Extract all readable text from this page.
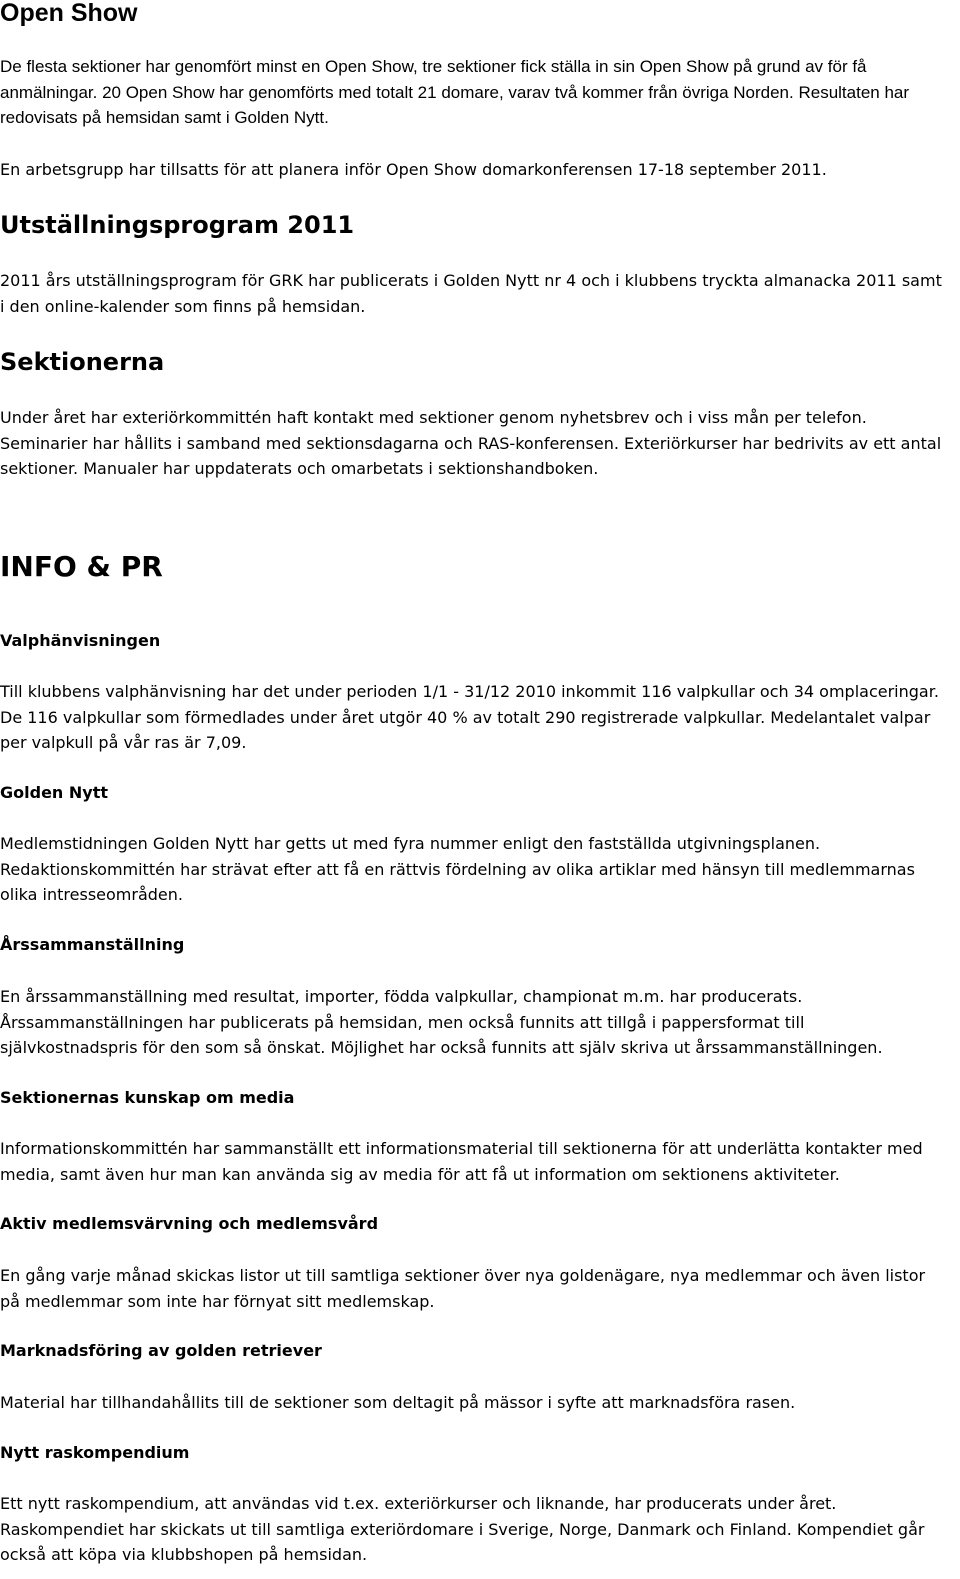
Open Show

De flesta sektioner har genomfört minst en Open Show, tre sektioner fick ställa in sin Open Show på grund av för få anmälningar. 20 Open Show har genomförts med totalt 21 domare, varav två kommer från övriga Norden. Resultaten har redovisats på hemsidan samt i Golden Nytt.

En arbetsgrupp har tillsatts för att planera inför Open Show domarkonferensen 17-18 september 2011.

Utställningsprogram 2011

2011 års utställningsprogram för GRK har publicerats i Golden Nytt nr 4 och i klubbens tryckta almanacka 2011 samt i den online-kalender som finns på hemsidan.

Sektionerna

Under året har exteriörkommittén haft kontakt med sektioner genom nyhetsbrev och i viss mån per telefon. Seminarier har hållits i samband med sektionsdagarna och RAS-konferensen. Exteriörkurser har bedrivits av ett antal sektioner. Manualer har uppdaterats och omarbetats i sektionshandboken.

INFO & PR
Valphänvisningen

Till klubbens valphänvisning har det under perioden 1/1 - 31/12 2010 inkommit 116 valpkullar och 34 omplaceringar. De 116 valpkullar som förmedlades under året utgör 40 % av totalt 290 registrerade valpkullar. Medelantalet valpar per valpkull på vår ras är 7,09.

Golden Nytt

Medlemstidningen Golden Nytt har getts ut med fyra nummer enligt den fastställda utgivningsplanen. Redaktionskommittén har strävat efter att få en rättvis fördelning av olika artiklar med hänsyn till medlemmarnas olika intresseområden.

Årssammanställning

En årssammanställning med resultat, importer, födda valpkullar, championat m.m. har producerats. Årssammanställningen har publicerats på hemsidan, men också funnits att tillgå i pappersformat till självkostnadspris för den som så önskat. Möjlighet har också funnits att själv skriva ut årssammanställningen.

Sektionernas kunskap om media

Informationskommittén har sammanställt ett informationsmaterial till sektionerna för att underlätta kontakter med media, samt även hur man kan använda sig av media för att få ut information om sektionens aktiviteter.

Aktiv medlemsvärvning och medlemsvård

En gång varje månad skickas listor ut till samtliga sektioner över nya goldenägare, nya medlemmar och även listor på medlemmar som inte har förnyat sitt medlemskap.

Marknadsföring av golden retriever

Material har tillhandahållits till de sektioner som deltagit på mässor i syfte att marknadsföra rasen.

Nytt raskompendium

Ett nytt raskompendium, att användas vid t.ex. exteriörkurser och liknande, har producerats under året. Raskompendiet har skickats ut till samtliga exteriördomare i Sverige, Norge, Danmark och Finland. Kompendiet går också att köpa via klubbshopen på hemsidan.
